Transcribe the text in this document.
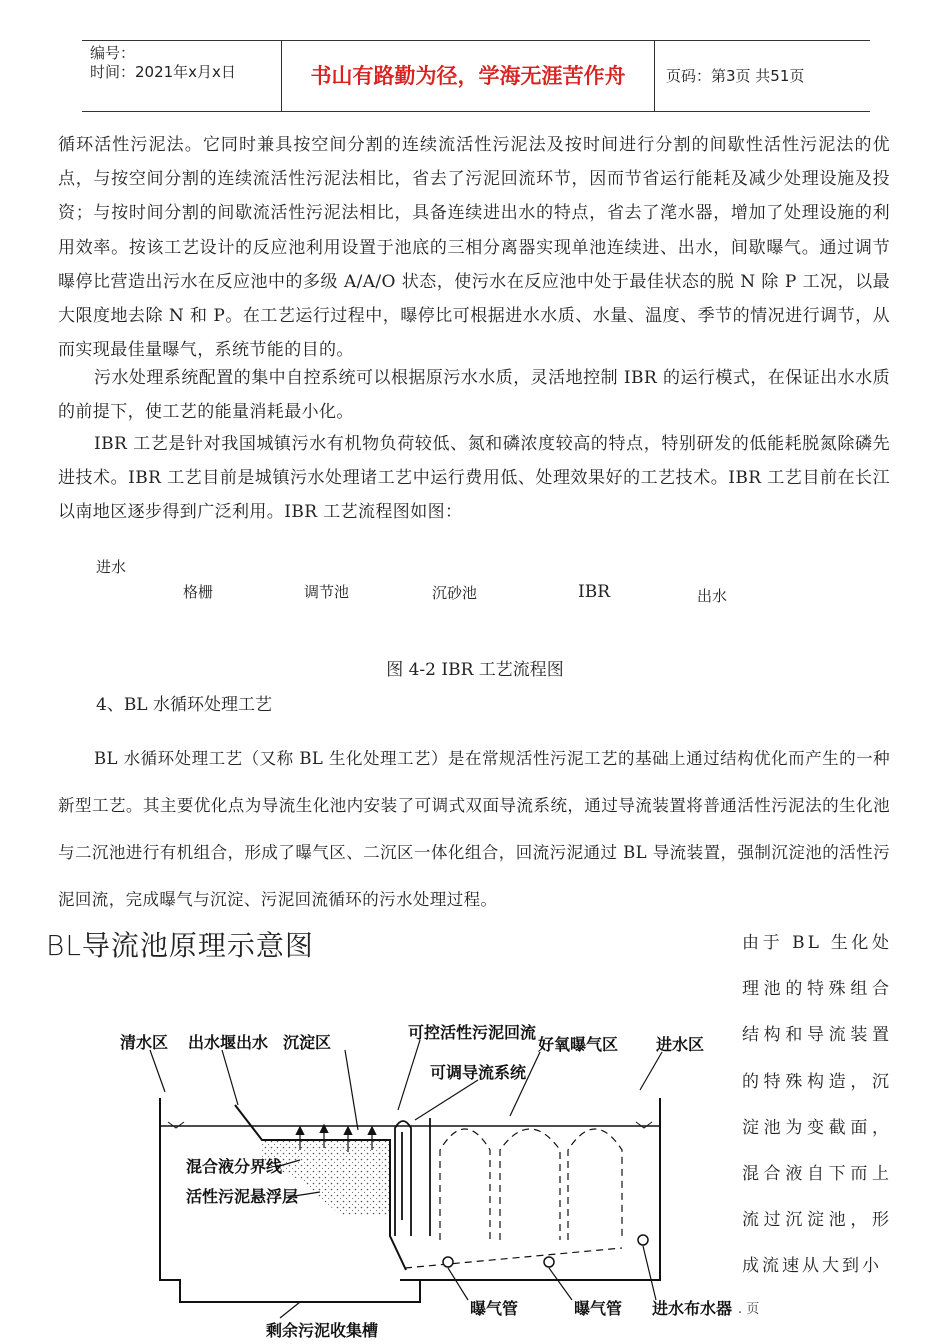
编号：
时间：2021年x月x日	书山有路勤为径，学海无涯苦作舟	页码：第3页 共51页
循环活性污泥法。它同时兼具按空间分割的连续流活性污泥法及按时间进行分割的间歇性活性污泥法的优点，与按空间分割的连续流活性污泥法相比，省去了污泥回流环节，因而节省运行能耗及减少处理设施及投资；与按时间分割的间歇流活性污泥法相比，具备连续进出水的特点，省去了滗水器，增加了处理设施的利用效率。按该工艺设计的反应池利用设置于池底的三相分离器实现单池连续进、出水，间歇曝气。通过调节曝停比营造出污水在反应池中的多级 A/A/O 状态，使污水在反应池中处于最佳状态的脱 N 除 P 工况，以最大限度地去除 N 和 P。在工艺运行过程中，曝停比可根据进水水质、水量、温度、季节的情况进行调节，从而实现最佳量曝气，系统节能的目的。
污水处理系统配置的集中自控系统可以根据原污水水质，灵活地控制 IBR 的运行模式，在保证出水水质的前提下，使工艺的能量消耗最小化。
IBR 工艺是针对我国城镇污水有机物负荷较低、氮和磷浓度较高的特点，特别研发的低能耗脱氮除磷先进技术。IBR 工艺目前是城镇污水处理诸工艺中运行费用低、处理效果好的工艺技术。IBR 工艺目前在长江以南地区逐步得到广泛利用。IBR 工艺流程图如图：
进水
格栅	调节池	沉砂池	IBR	出水
图 4-2 IBR 工艺流程图
4、BL 水循环处理工艺
BL 水循环处理工艺（又称 BL 生化处理工艺）是在常规活性污泥工艺的基础上通过结构优化而产生的一种新型工艺。其主要优化点为导流生化池内安装了可调式双面导流系统，通过导流装置将普通活性污泥法的生化池与二沉池进行有机组合，形成了曝气区、二沉区一体化组合，回流污泥通过 BL 导流装置，强制沉淀池的活性污泥回流，完成曝气与沉淀、污泥回流循环的污水处理过程。
BL导流池原理示意图	由于 BL 生化处理池的特殊组合结构和导流装置的特殊构造，沉淀池为变截面，混合液自下而上流过沉淀池，形成流速从大到小
清水区 出水堰出水 沉淀区
可控活性污泥回流
可调导流系统
好氧曝气区 进水区
混合液分界线
活性污泥悬浮层
曝气管	曝气管 进水布水器
剩余污泥收集槽
. 页
